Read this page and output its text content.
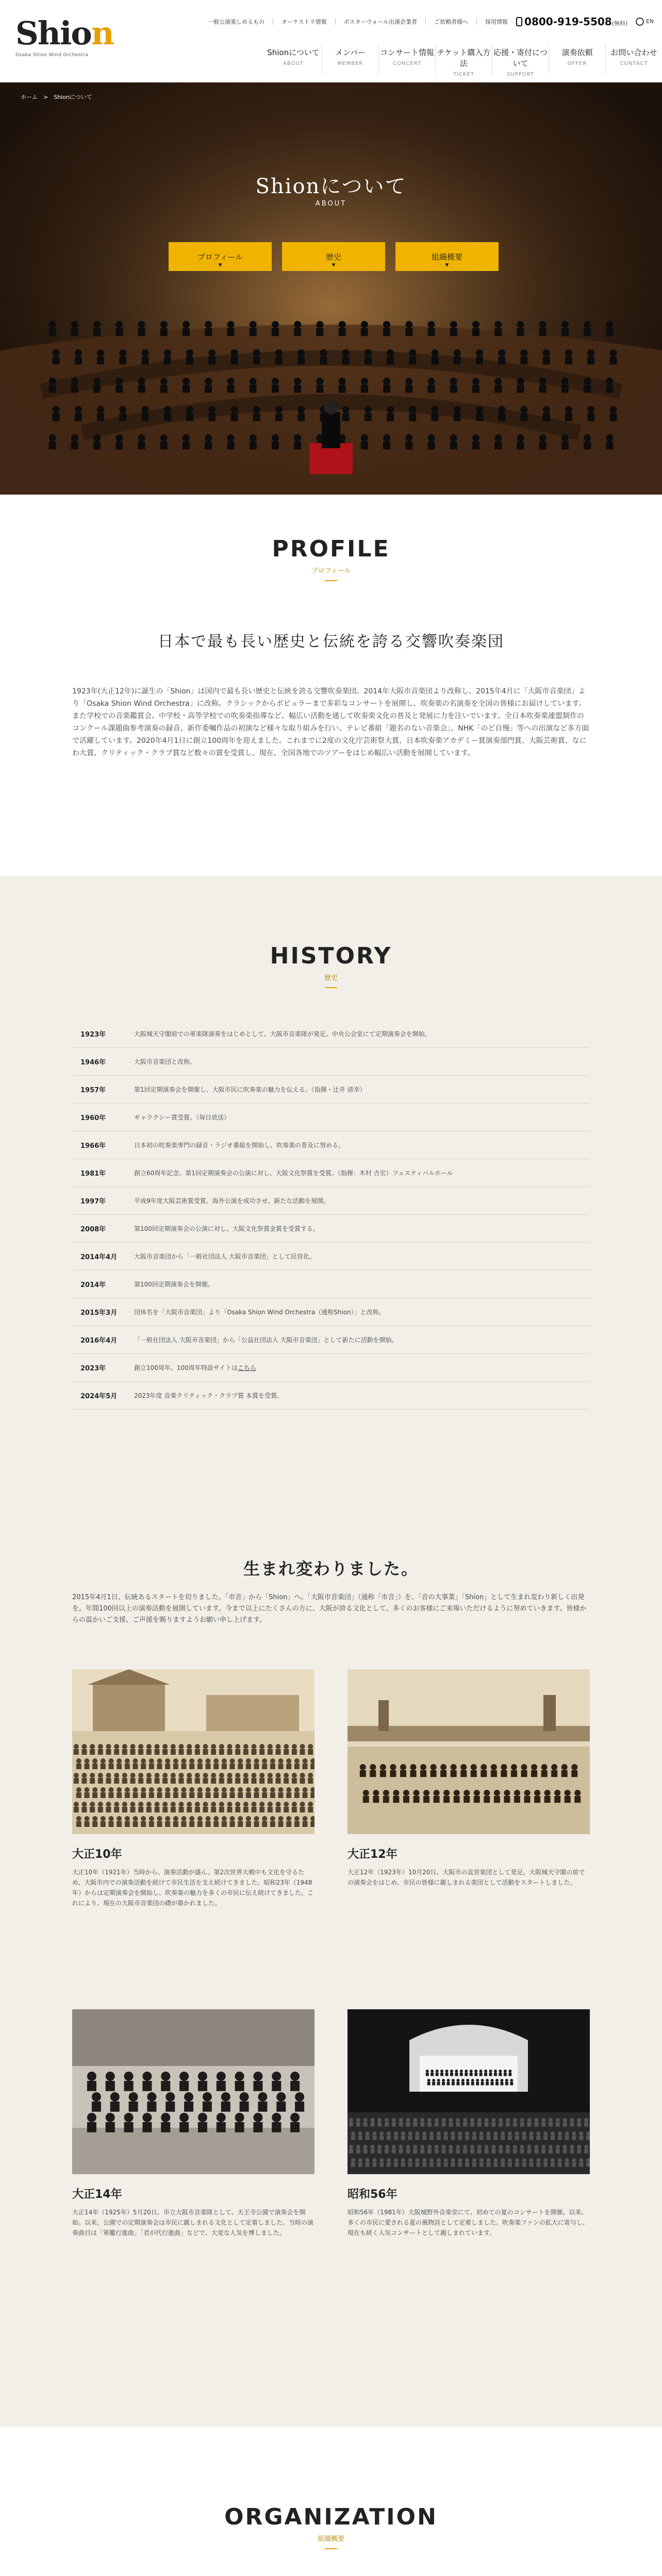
Shion
Osaka Shion Wind Orchestra
一般公演楽しめるもの	オーケストラ情報	ポスターウォール出演企業者	ご依頼者様へ	採用情報	0800-919-5508(無料)	EN
Shionについて
ABOUT
メンバー
MEMBER
コンサート情報
CONCERT
チケット購入方法
TICKET
応援・寄付について
SUPPORT
演奏依頼
OFFER
お問い合わせ
CONTACT
ホーム　>　Shionについて
Shionについて
ABOUT
プロフィール
▼
歴史
▼
組織概要
▼
PROFILE
プロフィール
日本で最も長い歴史と伝統を誇る交響吹奏楽団
1923年(大正12年)に誕生の「Shion」は国内で最も長い歴史と伝統を誇る交響吹奏楽団。2014年大阪市音楽団より改称し、2015年4月に「大阪市音楽団」より「Osaka Shion Wind Orchestra」に改称。クラシックからポピュラーまで多彩なコンサートを展開し、吹奏楽の名演奏を全国の皆様にお届けしています。また学校での音楽鑑賞会、中学校・高等学校での吹奏楽指導など、幅広い活動を通して吹奏楽文化の普及と発展に力を注いでいます。全日本吹奏楽連盟制作のコンクール課題曲参考演奏の録音、新作委嘱作品の初演など様々な取り組みを行い、テレビ番組「題名のない音楽会」、NHK「のど自慢」等への出演など多方面で活躍しています。2020年4月1日に創立100周年を迎えました。これまでに2度の文化庁芸術祭大賞、日本吹奏楽アカデミー賞演奏部門賞、大阪芸術賞、なにわ大賞、クリティック・クラブ賞など数々の賞を受賞し、現在、全国各地でのツアーをはじめ幅広い活動を展開しています。
HISTORY
歴史
1923年	大阪城天守閣前での軍楽隊演奏をはじめとして、大阪市音楽隊が発足。中央公会堂にて定期演奏会を開始。
1946年	大阪市音楽団と改称。
1957年	第1回定期演奏会を開催し、大阪市民に吹奏楽の魅力を伝える。（指揮・辻井 清幸）
1960年	ギャラクシー賞受賞。（毎日放送）
1966年	日本初の吹奏楽専門の録音・ラジオ番組を開始し、吹奏楽の普及に努める。
1981年	創立60周年記念、第1回定期演奏会の公演に対し、大阪文化祭賞を受賞。（指揮：木村 吉宏）フェスティバルホール
1997年	平成9年度大阪芸術賞受賞。海外公演を成功させ、新たな活動を展開。
2008年	第100回定期演奏会の公演に対し、大阪文化祭賞金賞を受賞する。
2014年4月	大阪市音楽団から「一般社団法人 大阪市音楽団」として民営化。
2014年	第100回定期演奏会を開催。
2015年3月	団体名を「大阪市音楽団」より「Osaka Shion Wind Orchestra（通称Shion）」と改称。
2016年4月	「一般社団法人 大阪市音楽団」から「公益社団法人 大阪市音楽団」として新たに活動を開始。
2023年	創立100周年。100周年特設サイトはこちら
2024年5月	2023年度 音楽クリティック・クラブ賞 本賞を受賞。
生まれ変わりました。
2015年4月1日、伝統あるスタートを切りました。「市音」から「Shion」へ。「大阪市音楽団」（通称「市音」）を、「音の大事業」「Shion」として生まれ変わり新しく出発を。年間100回以上の演奏活動を展開しています。今まで以上にたくさんの方に、大阪が誇る文化として、多くのお客様にご来場いただけるように努めていきます。皆様からの温かいご支援、ご声援を賜りますようお願い申し上げます。
大正10年
大正10年（1921年）当時から、演奏活動が盛ん。第2次世界大戦中も文化を守るため、大阪市内での演奏活動を続けて市民生活を支え続けてきました。昭和23年（1948年）からは定期演奏会を開始し、吹奏楽の魅力を多くの市民に伝え続けてきました。これにより、現在の大阪市音楽団の礎が築かれました。
大正12年
大正12年（1923年）10月20日、大阪市の直営楽団として発足。大阪城天守閣の前での演奏会をはじめ、市民の皆様に親しまれる楽団として活動をスタートしました。
大正14年
大正14年（1925年）5月20日、市立大阪市音楽隊として、天王寺公園で演奏会を開始。以来、公園での定期演奏会は市民に親しまれる文化として定着しました。当時の演奏曲目は「軍艦行進曲」「君が代行進曲」などで、大変な人気を博しました。
昭和56年
昭和56年（1981年）大阪城野外音楽堂にて、初めての夏のコンサートを開催。以来、多くの市民に愛される夏の風物詩として定着しました。吹奏楽ファンの拡大に寄与し、現在も続く人気コンサートとして親しまれています。
ORGANIZATION
組織概要
